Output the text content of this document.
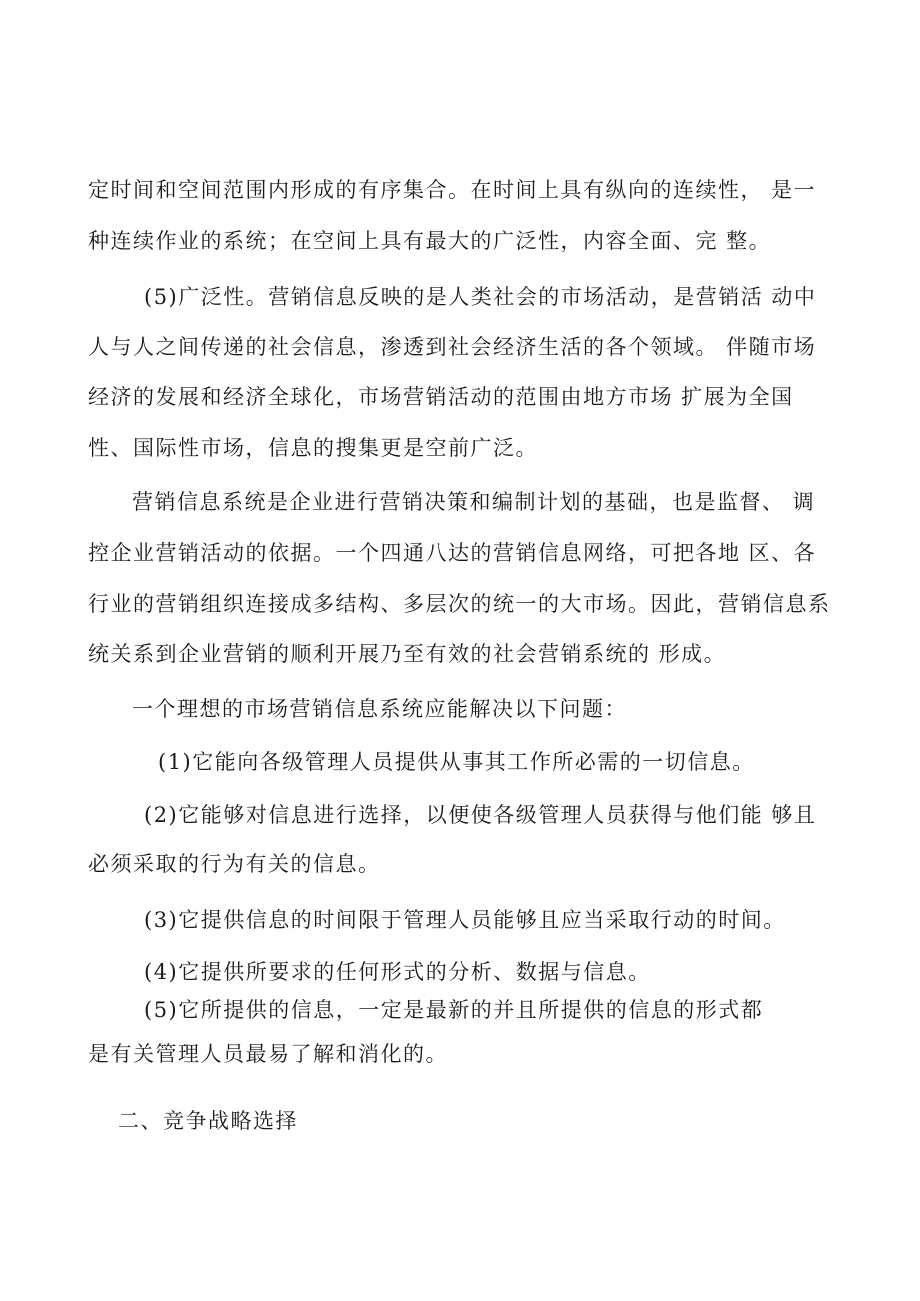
定时间和空间范围内形成的有序集合。在时间上具有纵向的连续性， 是一

种连续作业的系统；在空间上具有最大的广泛性，内容全面、完 整。

(5)广泛性。营销信息反映的是人类社会的市场活动，是营销活 动中

人与人之间传递的社会信息，渗透到社会经济生活的各个领域。 伴随市场

经济的发展和经济全球化，市场营销活动的范围由地方市场 扩展为全国

性、国际性市场，信息的搜集更是空前广泛。

营销信息系统是企业进行营销决策和编制计划的基础，也是监督、 调

控企业营销活动的依据。一个四通八达的营销信息网络，可把各地 区、各

行业的营销组织连接成多结构、多层次的统一的大市场。因此，营销信息系

统关系到企业营销的顺利开展乃至有效的社会营销系统的 形成。

一个理想的市场营销信息系统应能解决以下问题：

(1)它能向各级管理人员提供从事其工作所必需的一切信息。

(2)它能够对信息进行选择，以便使各级管理人员获得与他们能 够且

必须采取的行为有关的信息。

(3)它提供信息的时间限于管理人员能够且应当采取行动的时间。

(4)它提供所要求的任何形式的分析、数据与信息。

(5)它所提供的信息，一定是最新的并且所提供的信息的形式都

是有关管理人员最易了解和消化的。

二、竞争战略选择
